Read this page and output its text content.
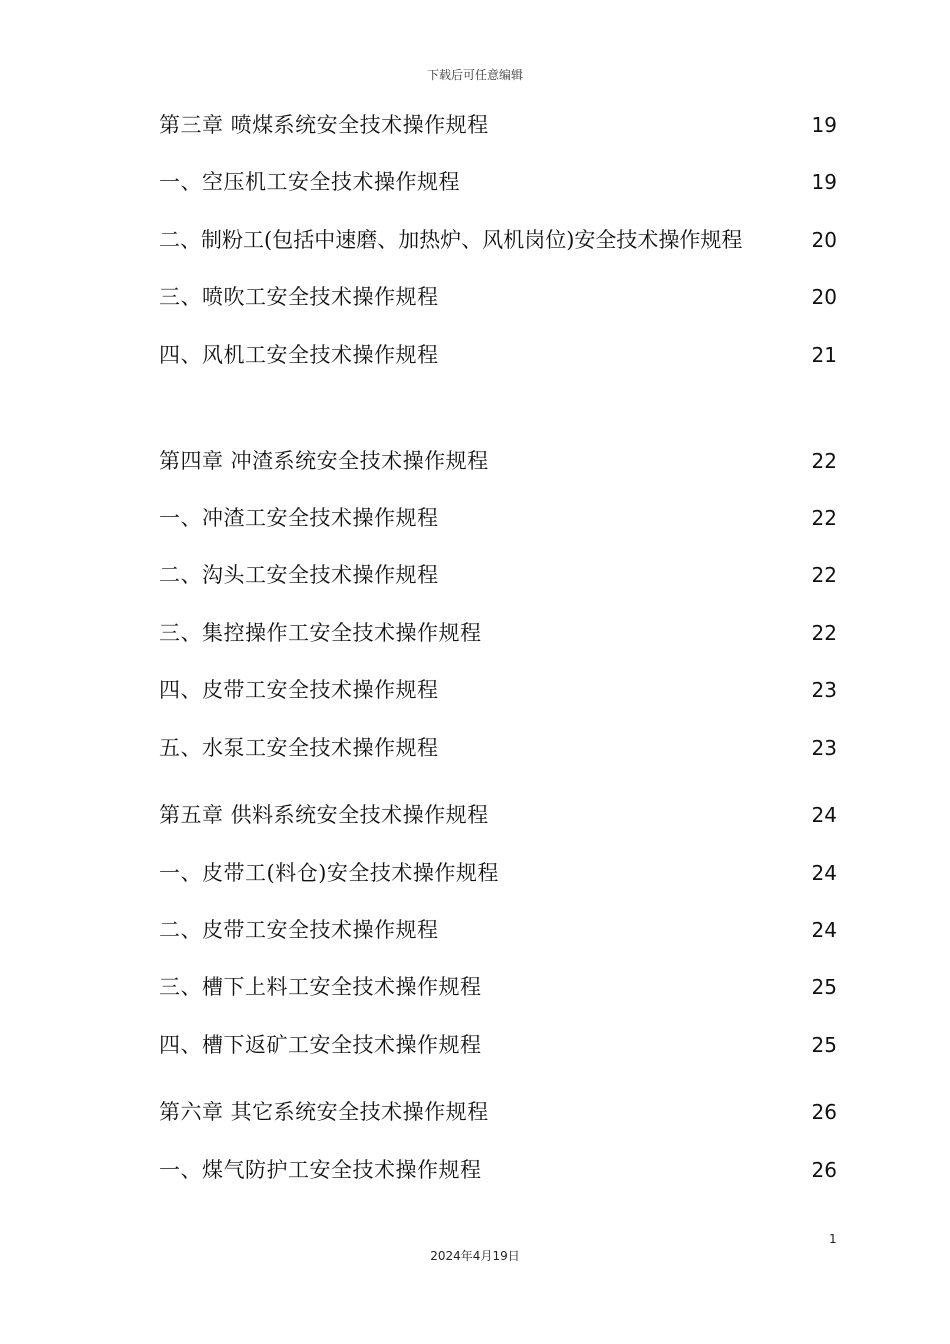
下载后可任意编辑
第三章 喷煤系统安全技术操作规程	19
一、空压机工安全技术操作规程	19
二、制粉工(包括中速磨、加热炉、风机岗位)安全技术操作规程	20
三、喷吹工安全技术操作规程	20
四、风机工安全技术操作规程	21
第四章 冲渣系统安全技术操作规程	22
一、冲渣工安全技术操作规程	22
二、沟头工安全技术操作规程	22
三、集控操作工安全技术操作规程	22
四、皮带工安全技术操作规程	23
五、水泵工安全技术操作规程	23
第五章 供料系统安全技术操作规程	24
一、皮带工(料仓)安全技术操作规程	24
二、皮带工安全技术操作规程	24
三、槽下上料工安全技术操作规程	25
四、槽下返矿工安全技术操作规程	25
第六章 其它系统安全技术操作规程	26
一、煤气防护工安全技术操作规程	26
1
2024年4月19日
